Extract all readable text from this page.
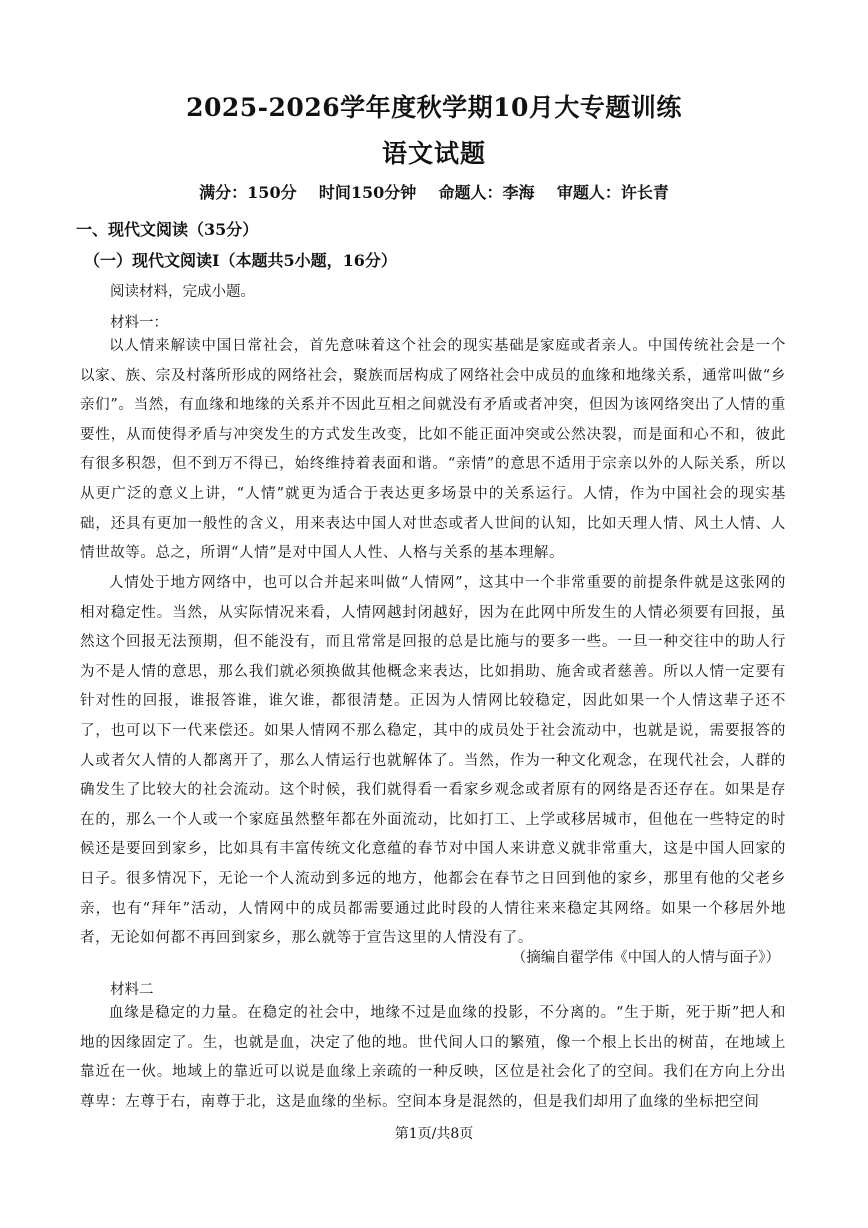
2025-2026学年度秋学期10月大专题训练
语文试题
满分：150分    时间150分钟    命题人：李海    审题人：许长青
一、现代文阅读（35分）
（一）现代文阅读Ⅰ（本题共5小题，16分）
阅读材料，完成小题。
材料一：

以人情来解读中国日常社会，首先意味着这个社会的现实基础是家庭或者亲人。中国传统社会是一个以家、族、宗及村落所形成的网络社会，聚族而居构成了网络社会中成员的血缘和地缘关系，通常叫做“乡亲们”。当然，有血缘和地缘的关系并不因此互相之间就没有矛盾或者冲突，但因为该网络突出了人情的重要性，从而使得矛盾与冲突发生的方式发生改变，比如不能正面冲突或公然决裂，而是面和心不和，彼此有很多积怨，但不到万不得已，始终维持着表面和谐。“亲情”的意思不适用于宗亲以外的人际关系，所以从更广泛的意义上讲，“人情”就更为适合于表达更多场景中的关系运行。人情，作为中国社会的现实基础，还具有更加一般性的含义，用来表达中国人对世态或者人世间的认知，比如天理人情、风土人情、人情世故等。总之，所谓“人情”是对中国人人性、人格与关系的基本理解。

人情处于地方网络中，也可以合并起来叫做“人情网”，这其中一个非常重要的前提条件就是这张网的相对稳定性。当然，从实际情况来看，人情网越封闭越好，因为在此网中所发生的人情必须要有回报，虽然这个回报无法预期，但不能没有，而且常常是回报的总是比施与的要多一些。一旦一种交往中的助人行为不是人情的意思，那么我们就必须换做其他概念来表达，比如捐助、施舍或者慈善。所以人情一定要有针对性的回报，谁报答谁，谁欠谁，都很清楚。正因为人情网比较稳定，因此如果一个人情这辈子还不了，也可以下一代来偿还。如果人情网不那么稳定，其中的成员处于社会流动中，也就是说，需要报答的人或者欠人情的人都离开了，那么人情运行也就解体了。当然，作为一种文化观念，在现代社会，人群的确发生了比较大的社会流动。这个时候，我们就得看一看家乡观念或者原有的网络是否还存在。如果是存在的，那么一个人或一个家庭虽然整年都在外面流动，比如打工、上学或移居城市，但他在一些特定的时候还是要回到家乡，比如具有丰富传统文化意蕴的春节对中国人来讲意义就非常重大，这是中国人回家的日子。很多情况下，无论一个人流动到多远的地方，他都会在春节之日回到他的家乡，那里有他的父老乡亲，也有“拜年”活动，人情网中的成员都需要通过此时段的人情往来来稳定其网络。如果一个移居外地者，无论如何都不再回到家乡，那么就等于宣告这里的人情没有了。

（摘编自翟学伟《中国人的人情与面子》）
材料二

血缘是稳定的力量。在稳定的社会中，地缘不过是血缘的投影，不分离的。“生于斯，死于斯”把人和地的因缘固定了。生，也就是血，决定了他的地。世代间人口的繁殖，像一个根上长出的树苗，在地域上靠近在一伙。地域上的靠近可以说是血缘上亲疏的一种反映，区位是社会化了的空间。我们在方向上分出尊卑：左尊于右，南尊于北，这是血缘的坐标。空间本身是混然的，但是我们却用了血缘的坐标把空间

第1页/共8页
